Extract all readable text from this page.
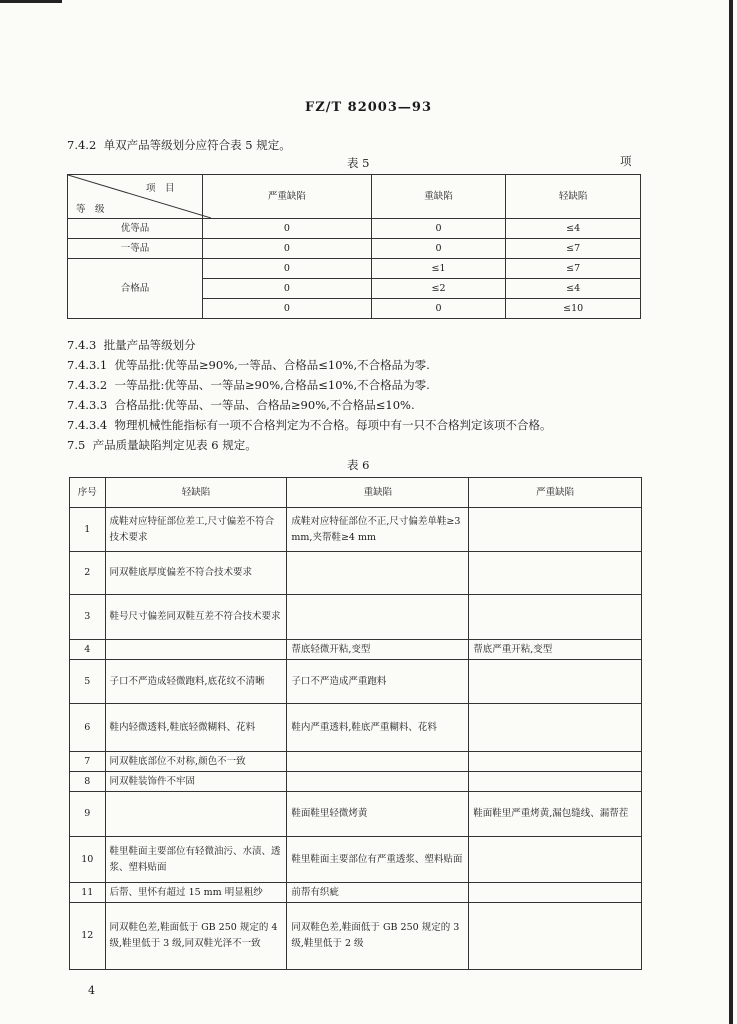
FZ/T 82003—93
7.4.2 单双产品等级划分应符合表 5 规定。
表 5	项
项　目
等　级	严重缺陷	重缺陷	轻缺陷
优等品	0	0	≤4
一等品	0	0	≤7
合格品	0	≤1	≤7
	0	≤2	≤4
	0	0	≤10
7.4.3 批量产品等级划分
7.4.3.1 优等品批:优等品≥90%,一等品、合格品≤10%,不合格品为零.
7.4.3.2 一等品批:优等品、一等品≥90%,合格品≤10%,不合格品为零.
7.4.3.3 合格品批:优等品、一等品、合格品≥90%,不合格品≤10%.
7.4.3.4 物理机械性能指标有一项不合格判定为不合格。每项中有一只不合格判定该项不合格。
7.5 产品质量缺陷判定见表 6 规定。
表 6
序号	轻缺陷	重缺陷	严重缺陷
1	成鞋对应特征部位差工,尺寸偏差不符合技术要求	成鞋对应特征部位不正,尺寸偏差单鞋≥3 mm,夹帮鞋≥4 mm	
2	同双鞋底厚度偏差不符合技术要求		
3	鞋号尺寸偏差同双鞋互差不符合技术要求		
4		帮底轻微开粘,变型	帮底严重开粘,变型
5	子口不严造成轻微跑料,底花纹不清晰	子口不严造成严重跑料	
6	鞋内轻微透料,鞋底轻微糊料、花料	鞋内严重透料,鞋底严重糊料、花料	
7	同双鞋底部位不对称,颜色不一致		
8	同双鞋装饰件不牢固		
9		鞋面鞋里轻微烤黄	鞋面鞋里严重烤黄,漏包缝线、漏帮茬
10	鞋里鞋面主要部位有轻微油污、水渍、透浆、塑料贴面	鞋里鞋面主要部位有严重透浆、塑料贴面	
11	后帮、里怀有超过 15 mm 明显粗纱	前帮有织疵	
12	同双鞋色差,鞋面低于 GB 250 规定的 4 级,鞋里低于 3 级,同双鞋光泽不一致	同双鞋色差,鞋面低于 GB 250 规定的 3 级,鞋里低于 2 级	
4
